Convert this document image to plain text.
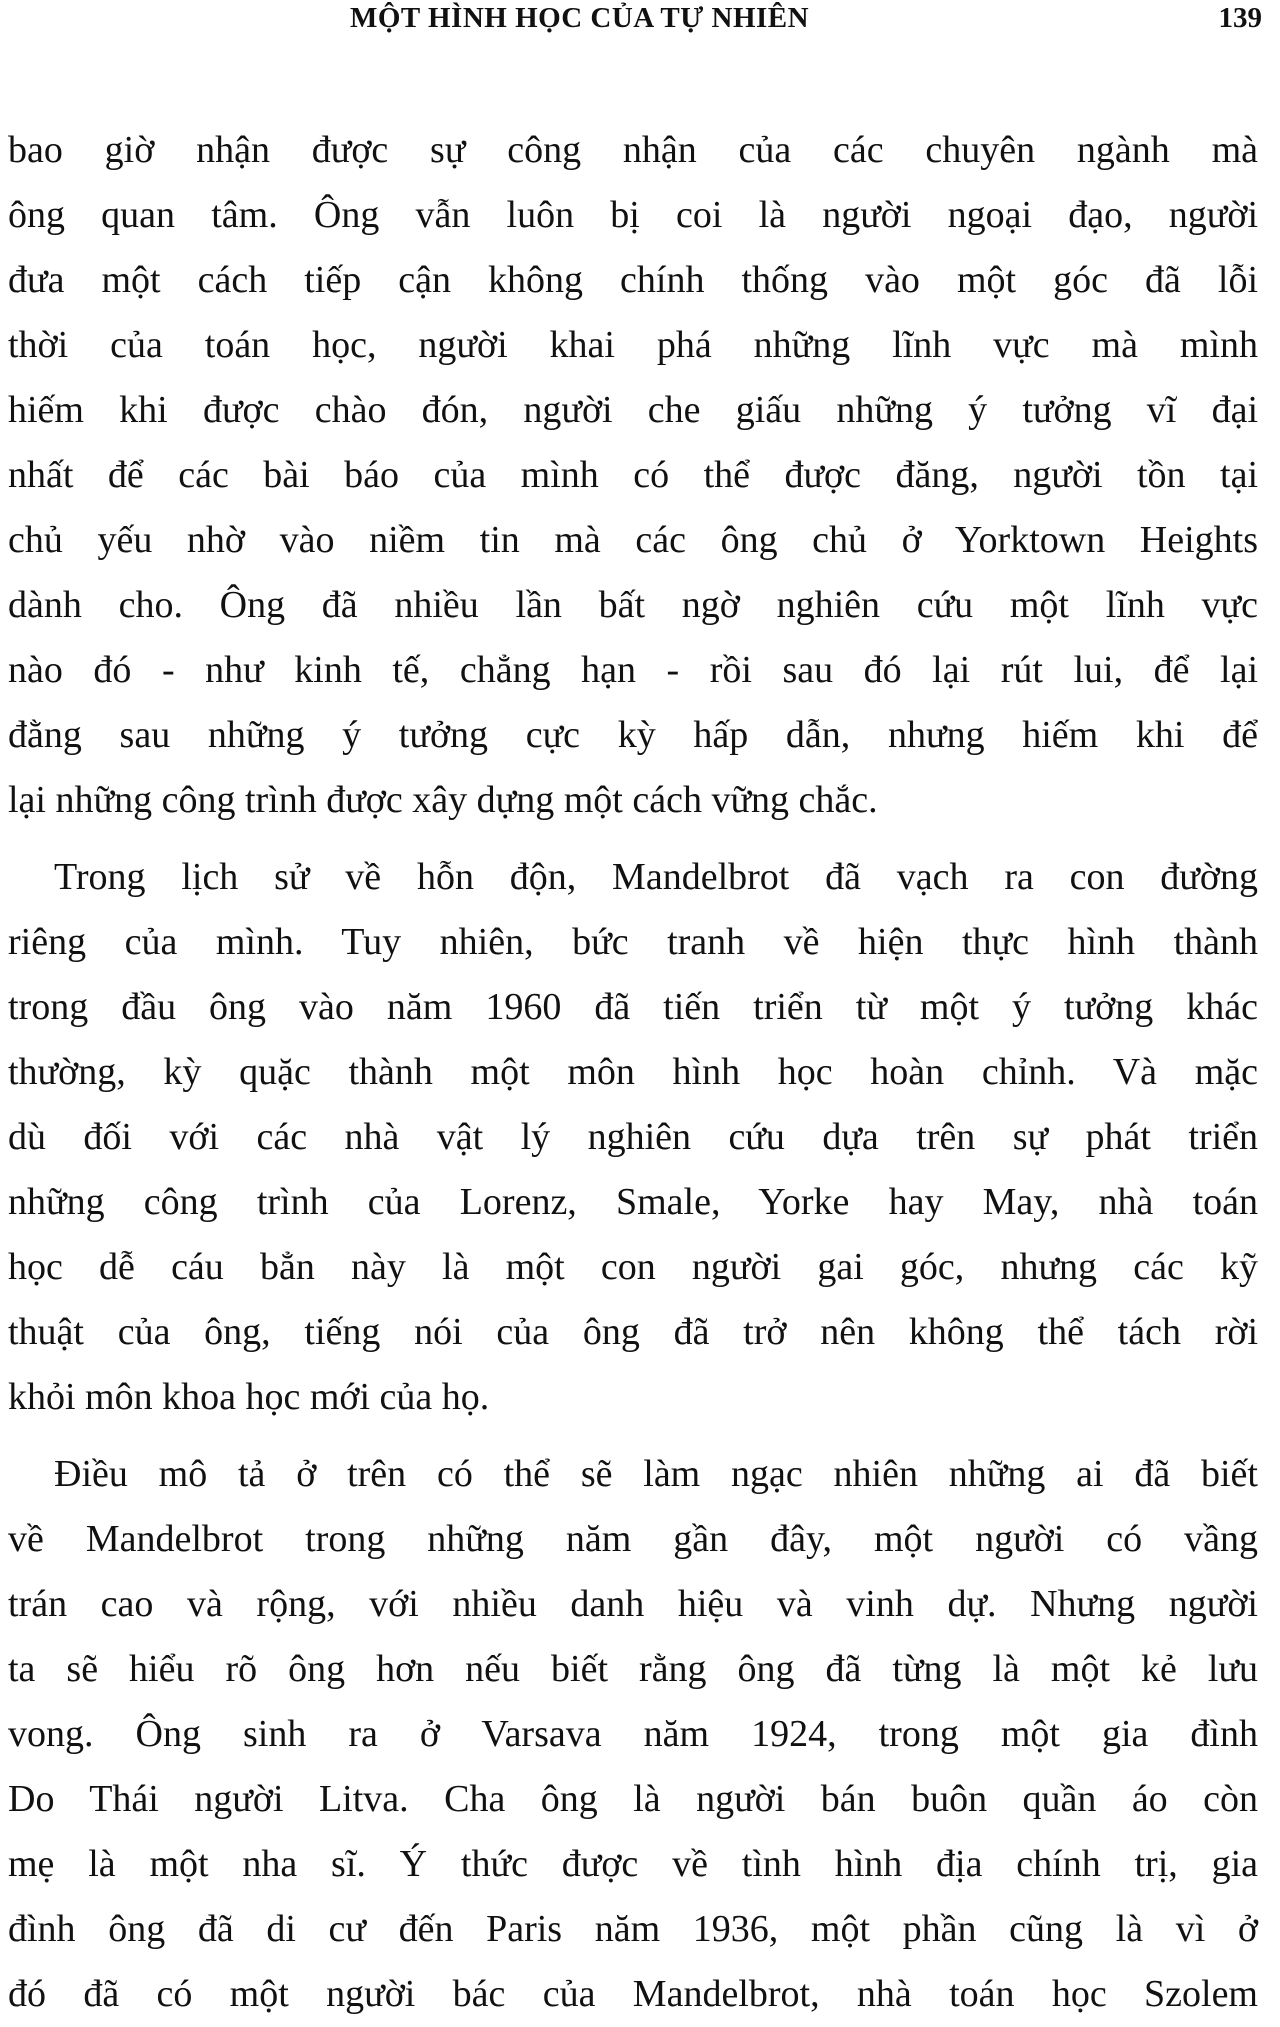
MỘT HÌNH HỌC CỦA TỰ NHIÊN	139
bao giờ nhận được sự công nhận của các chuyên ngành mà
ông quan tâm. Ông vẫn luôn bị coi là người ngoại đạo, người
đưa một cách tiếp cận không chính thống vào một góc đã lỗi
thời của toán học, người khai phá những lĩnh vực mà mình
hiếm khi được chào đón, người che giấu những ý tưởng vĩ đại
nhất để các bài báo của mình có thể được đăng, người tồn tại
chủ yếu nhờ vào niềm tin mà các ông chủ ở Yorktown Heights
dành cho. Ông đã nhiều lần bất ngờ nghiên cứu một lĩnh vực
nào đó - như kinh tế, chẳng hạn - rồi sau đó lại rút lui, để lại
đằng sau những ý tưởng cực kỳ hấp dẫn, nhưng hiếm khi để
lại những công trình được xây dựng một cách vững chắc.
Trong lịch sử về hỗn độn, Mandelbrot đã vạch ra con đường
riêng của mình. Tuy nhiên, bức tranh về hiện thực hình thành
trong đầu ông vào năm 1960 đã tiến triển từ một ý tưởng khác
thường, kỳ quặc thành một môn hình học hoàn chỉnh. Và mặc
dù đối với các nhà vật lý nghiên cứu dựa trên sự phát triển
những công trình của Lorenz, Smale, Yorke hay May, nhà toán
học dễ cáu bẳn này là một con người gai góc, nhưng các kỹ
thuật của ông, tiếng nói của ông đã trở nên không thể tách rời
khỏi môn khoa học mới của họ.
Điều mô tả ở trên có thể sẽ làm ngạc nhiên những ai đã biết
về Mandelbrot trong những năm gần đây, một người có vầng
trán cao và rộng, với nhiều danh hiệu và vinh dự. Nhưng người
ta sẽ hiểu rõ ông hơn nếu biết rằng ông đã từng là một kẻ lưu
vong. Ông sinh ra ở Varsava năm 1924, trong một gia đình
Do Thái người Litva. Cha ông là người bán buôn quần áo còn
mẹ là một nha sĩ. Ý thức được về tình hình địa chính trị, gia
đình ông đã di cư đến Paris năm 1936, một phần cũng là vì ở
đó đã có một người bác của Mandelbrot, nhà toán học Szolem
